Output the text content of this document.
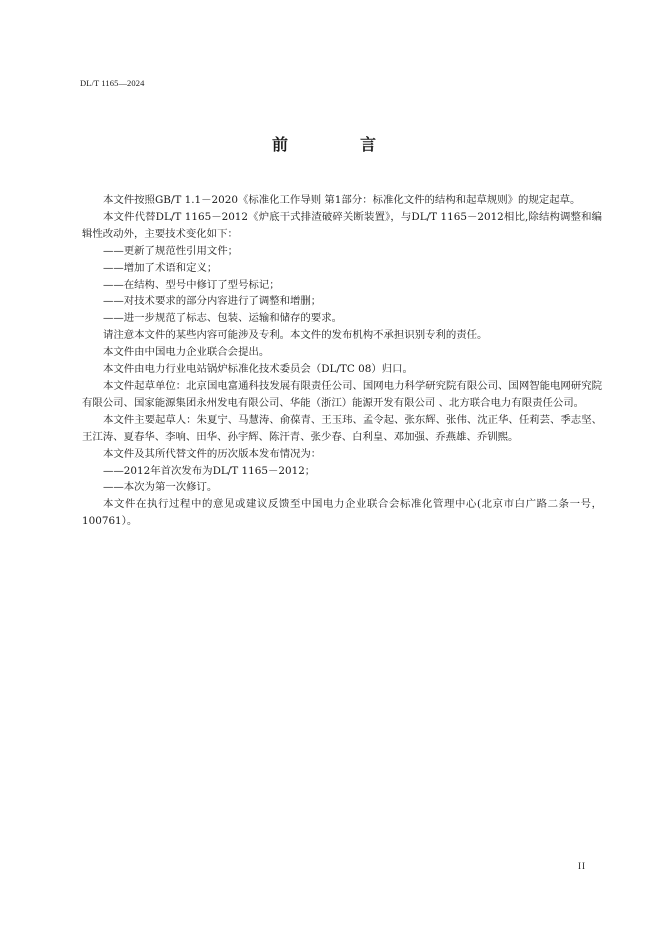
DL/T 1165—2024
前　言

本文件按照GB/T 1.1－2020《标准化工作导则 第1部分：标准化文件的结构和起草规则》的规定起草。

本文件代替DL/T 1165－2012《炉底干式排渣破碎关断装置》，与DL/T 1165－2012相比,除结构调整和编辑性改动外，主要技术变化如下：

——更新了规范性引用文件；

——增加了术语和定义；

——在结构、型号中修订了型号标记；

——对技术要求的部分内容进行了调整和增删；

——进一步规范了标志、包装、运输和储存的要求。

请注意本文件的某些内容可能涉及专利。本文件的发布机构不承担识别专利的责任。

本文件由中国电力企业联合会提出。

本文件由电力行业电站锅炉标准化技术委员会（DL/TC 08）归口。

本文件起草单位：北京国电富通科技发展有限责任公司、国网电力科学研究院有限公司、国网智能电网研究院有限公司、国家能源集团永州发电有限公司、华能（浙江）能源开发有限公司 、北方联合电力有限责任公司。

本文件主要起草人：朱夏宁、马慧涛、俞葆青、王玉玮、孟令起、张东辉、张伟、沈正华、任莉芸、季志坚、王江涛、夏春华、李响、田华、孙宇辉、陈汗青、张少春、白利皇、邓加强、乔燕雄、乔钏熙。

本文件及其所代替文件的历次版本发布情况为：

——2012年首次发布为DL/T 1165－2012；

——本次为第一次修订。

本文件在执行过程中的意见或建议反馈至中国电力企业联合会标准化管理中心(北京市白广路二条一号，100761）。

II
